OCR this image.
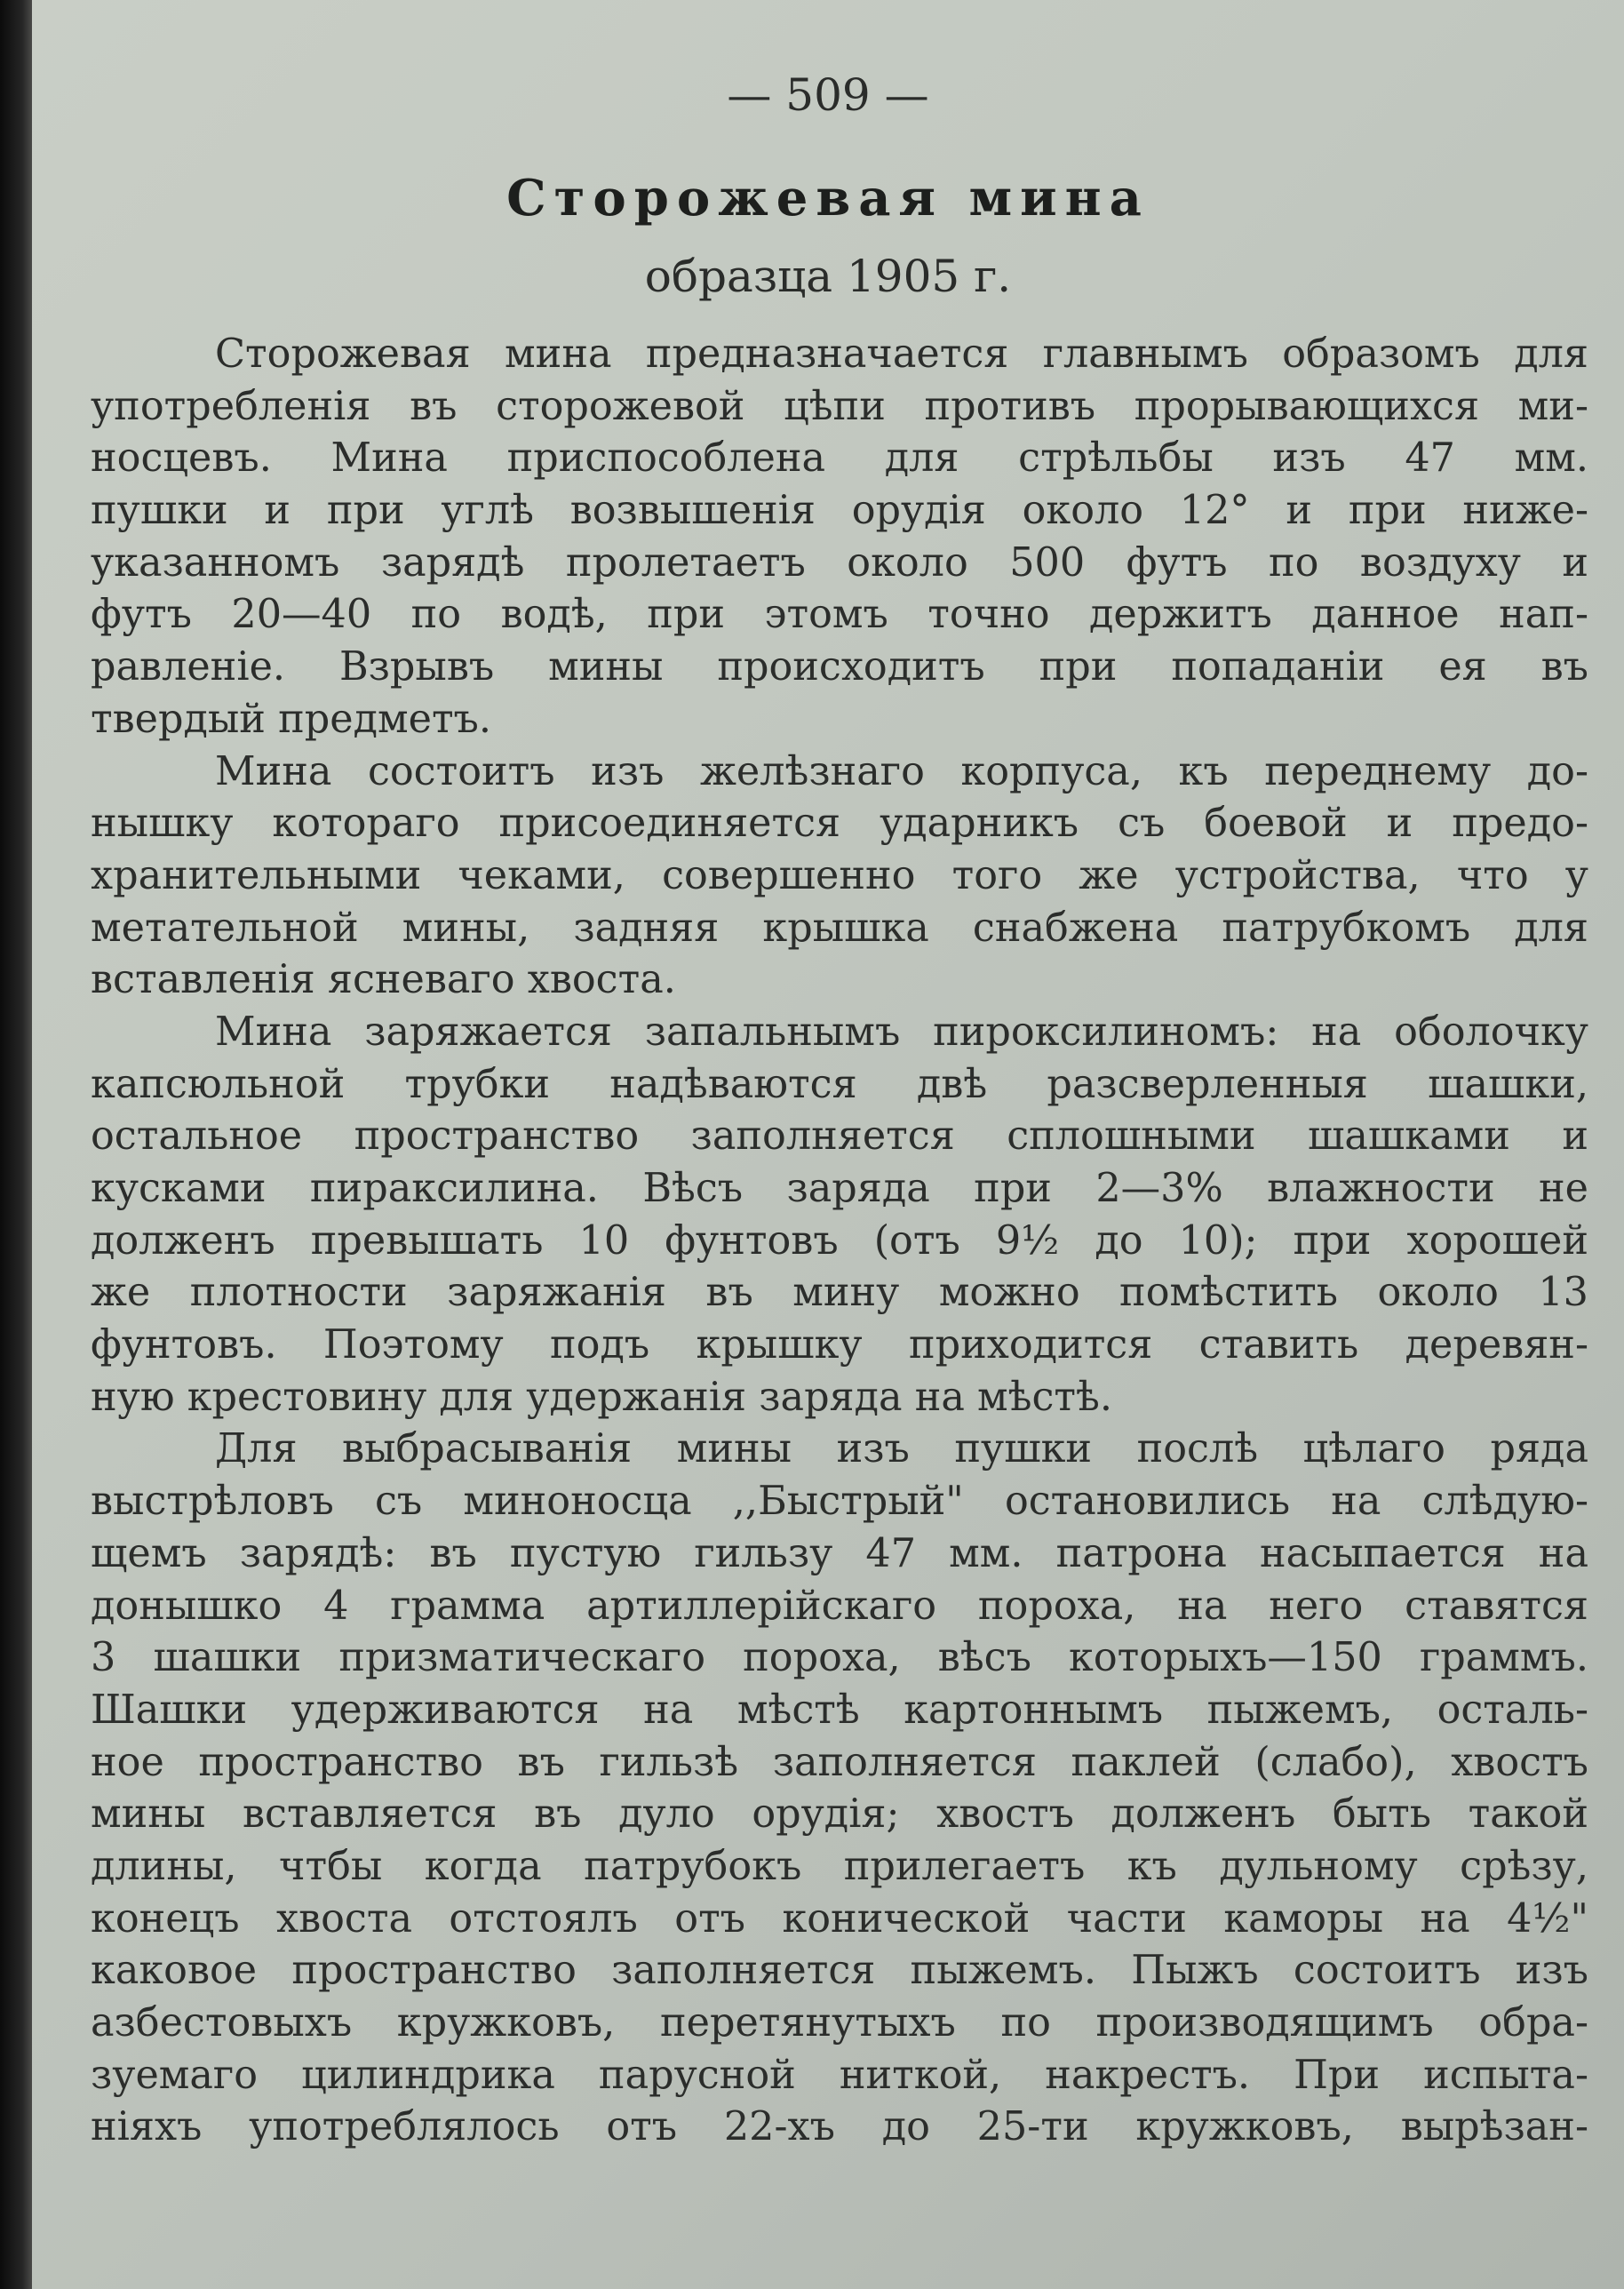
— 509 —
Сторожевая мина
образца 1905 г.
Сторожевая мина предназначается главнымъ образомъ для
употребленія въ сторожевой цѣпи противъ прорывающихся ми-
носцевъ. Мина приспособлена для стрѣльбы изъ 47 мм.
пушки и при углѣ возвышенія орудія около 12° и при ниже-
указанномъ зарядѣ пролетаетъ около 500 футъ по воздуху и
футъ 20—40 по водѣ, при этомъ точно держитъ данное нап-
равленіе. Взрывъ мины происходитъ при попаданіи ея въ
твердый предметъ.
Мина состоитъ изъ желѣзнаго корпуса, къ переднему до-
нышку котораго присоединяется ударникъ съ боевой и предо-
хранительными чеками, совершенно того же устройства, что у
метательной мины, задняя крышка снабжена патрубкомъ для
вставленія ясневаго хвоста.
Мина заряжается запальнымъ пироксилиномъ: на оболочку
капсюльной трубки надѣваются двѣ разсверленныя шашки,
остальное пространство заполняется сплошными шашками и
кусками пираксилина. Вѣсъ заряда при 2—3% влажности не
долженъ превышать 10 фунтовъ (отъ 9½ до 10); при хорошей
же плотности заряжанія въ мину можно помѣстить около 13
фунтовъ. Поэтому подъ крышку приходится ставить деревян-
ную крестовину для удержанія заряда на мѣстѣ.
Для выбрасыванія мины изъ пушки послѣ цѣлаго ряда
выстрѣловъ съ миноносца ,,Быстрый" остановились на слѣдую-
щемъ зарядѣ: въ пустую гильзу 47 мм. патрона насыпается на
донышко 4 грамма артиллерійскаго пороха, на него ставятся
3 шашки призматическаго пороха, вѣсъ которыхъ—150 граммъ.
Шашки удерживаются на мѣстѣ картоннымъ пыжемъ, осталь-
ное пространство въ гильзѣ заполняется паклей (слабо), хвостъ
мины вставляется въ дуло орудія; хвостъ долженъ быть такой
длины, чтбы когда патрубокъ прилегаетъ къ дульному срѣзу,
конецъ хвоста отстоялъ отъ конической части каморы на 4½"
каковое пространство заполняется пыжемъ. Пыжъ состоитъ изъ
азбестовыхъ кружковъ, перетянутыхъ по производящимъ обра-
зуемаго цилиндрика парусной ниткой, накрестъ. При испыта-
ніяхъ употреблялось отъ 22-хъ до 25-ти кружковъ, вырѣзан-
